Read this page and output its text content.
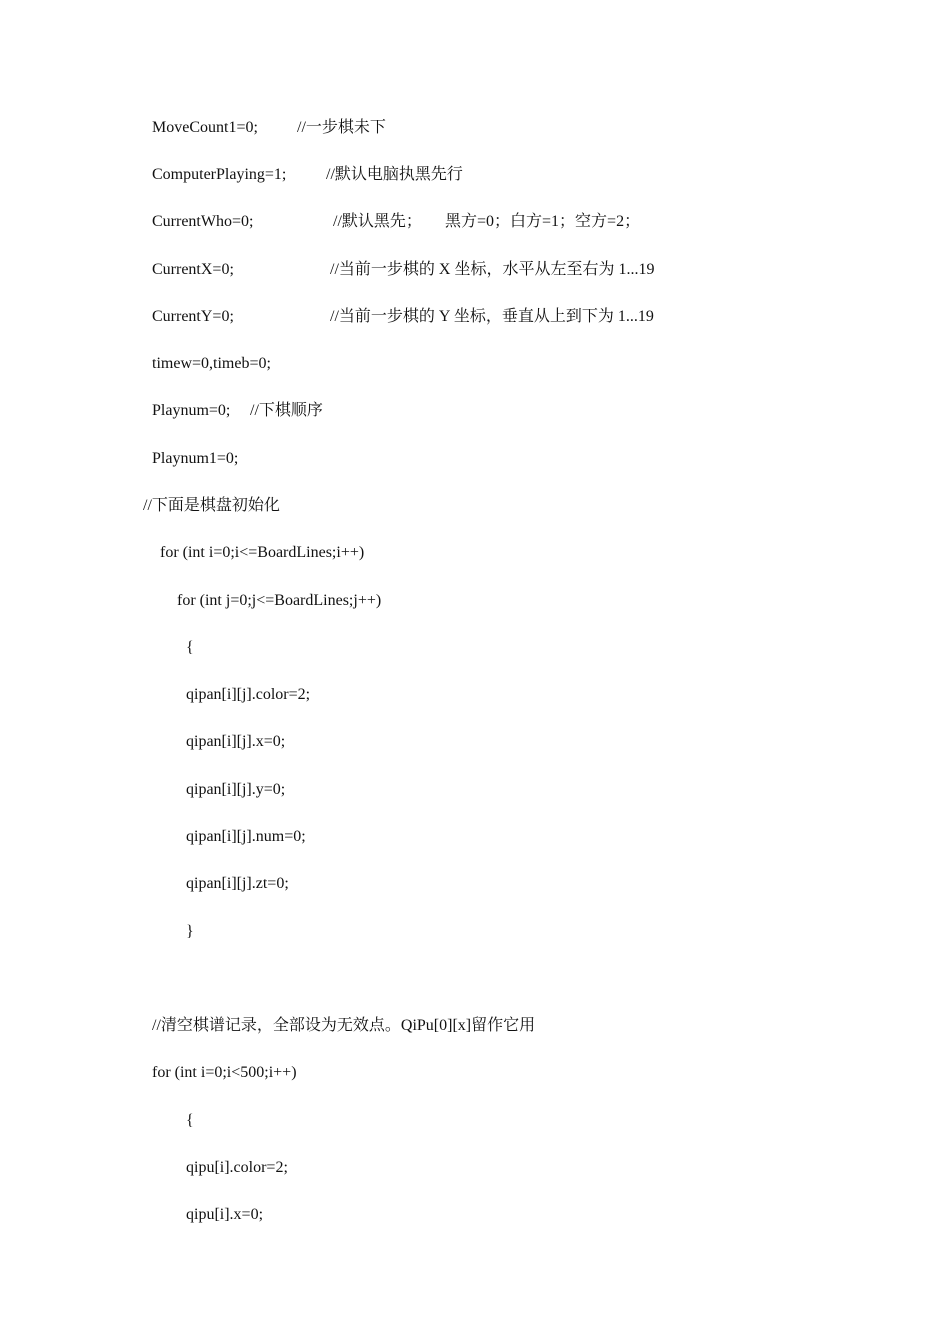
MoveCount1=0;

//一步棋未下

ComputerPlaying=1;

//默认电脑执黑先行

CurrentWho=0;

	//默认黑先；

黑方=0；白方=1；空方=2；

CurrentX=0;

	//当前一步棋的 X 坐标，水平从左至右为 1...19

CurrentY=0;

	//当前一步棋的 Y 坐标，垂直从上到下为 1...19

timew=0,timeb=0;

Playnum=0;

//下棋顺序

Playnum1=0;

//下面是棋盘初始化

for (int i=0;i<=BoardLines;i++)

for (int j=0;j<=BoardLines;j++)

{

qipan[i][j].color=2;

qipan[i][j].x=0;

qipan[i][j].y=0;

qipan[i][j].num=0;

qipan[i][j].zt=0;

}

//清空棋谱记录，全部设为无效点。QiPu[0][x]留作它用

for (int i=0;i<500;i++)

{

qipu[i].color=2;

qipu[i].x=0;
